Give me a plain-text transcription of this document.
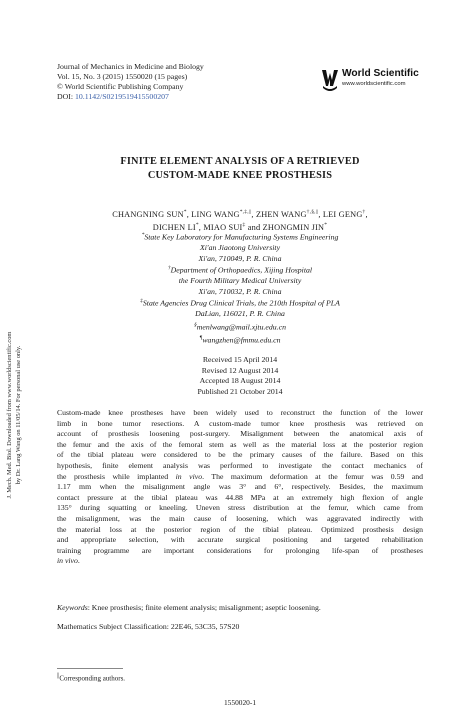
J. Mech. Med. Biol. Downloaded from www.worldscientific.com by Dr. Lang Wang on 11/05/14. For personal use only.
Journal of Mechanics in Medicine and Biology
Vol. 15, No. 3 (2015) 1550020 (15 pages)
© World Scientific Publishing Company
DOI: 10.1142/S0219519415500207
World Scientific
www.worldscientific.com
FINITE ELEMENT ANALYSIS OF A RETRIEVED
CUSTOM-MADE KNEE PROSTHESIS
CHANGNING SUN*, LING WANG*,‡,||, ZHEN WANG†,§,||, LEI GENG†,
DICHEN LI*, MIAO SUI‡ and ZHONGMIN JIN*
*State Key Laboratory for Manufacturing Systems Engineering
Xi'an Jiaotong University
Xi'an, 710049, P. R. China
†Department of Orthopaedics, Xijing Hospital
the Fourth Military Medical University
Xi'an, 710032, P. R. China
‡State Agencies Drug Clinical Trials, the 210th Hospital of PLA
DaLian, 116021, P. R. China
§menlwang@mail.xjtu.edu.cn
¶wangzhen@fmmu.edu.cn
Received 15 April 2014
Revised 12 August 2014
Accepted 18 August 2014
Published 21 October 2014
Custom-made knee prostheses have been widely used to reconstruct the function of the lower
limb in bone tumor resections. A custom-made tumor knee prosthesis was retrieved on
account of prosthesis loosening post-surgery. Misalignment between the anatomical axis of
the femur and the axis of the femoral stem as well as the material loss at the posterior region
of the tibial plateau were considered to be the primary causes of the failure. Based on this
hypothesis, finite element analysis was performed to investigate the contact mechanics of
the prosthesis while implanted in vivo. The maximum deformation at the femur was 0.59 and
1.17 mm when the misalignment angle was 3° and 6°, respectively. Besides, the maximum
contact pressure at the tibial plateau was 44.88 MPa at an extremely high flexion of angle
135° during squatting or kneeling. Uneven stress distribution at the femur, which came from
the misalignment, was the main cause of loosening, which was aggravated indirectly with
the material loss at the posterior region of the tibial plateau. Optimized prosthesis design
and appropriate selection, with accurate surgical positioning and targeted rehabilitation
training programme are important considerations for prolonging life-span of prostheses
in vivo.
Keywords: Knee prosthesis; finite element analysis; misalignment; aseptic loosening.
Mathematics Subject Classification: 22E46, 53C35, 57S20
||Corresponding authors.
1550020-1
